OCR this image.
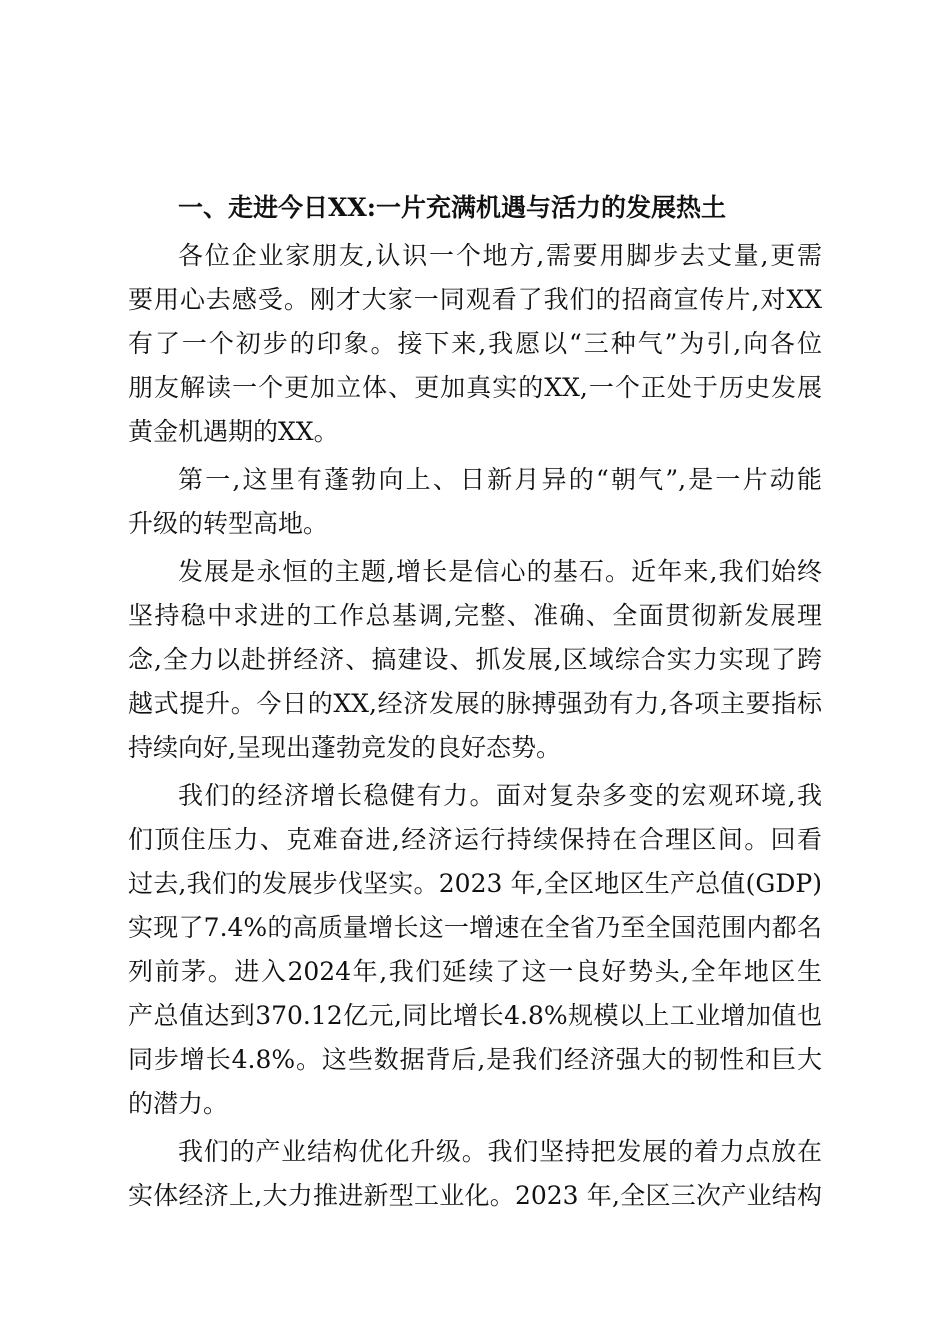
一、走进今日XX:一片充满机遇与活力的发展热土
各位企业家朋友,认识一个地方,需要用脚步去丈量,更需
要用心去感受。刚才大家一同观看了我们的招商宣传片,对XX
有了一个初步的印象。接下来,我愿以“三种气”为引,向各位
朋友解读一个更加立体、更加真实的XX,一个正处于历史发展
黄金机遇期的XX。
第一,这里有蓬勃向上、日新月异的“朝气”,是一片动能
升级的转型高地。
发展是永恒的主题,增长是信心的基石。近年来,我们始终
坚持稳中求进的工作总基调,完整、准确、全面贯彻新发展理
念,全力以赴拼经济、搞建设、抓发展,区域综合实力实现了跨
越式提升。今日的XX,经济发展的脉搏强劲有力,各项主要指标
持续向好,呈现出蓬勃竞发的良好态势。
我们的经济增长稳健有力。面对复杂多变的宏观环境,我
们顶住压力、克难奋进,经济运行持续保持在合理区间。回看
过去,我们的发展步伐坚实。2023 年,全区地区生产总值(GDP)
实现了7.4%的高质量增长这一增速在全省乃至全国范围内都名
列前茅。进入2024年,我们延续了这一良好势头,全年地区生
产总值达到370.12亿元,同比增长4.8%规模以上工业增加值也
同步增长4.8%。这些数据背后,是我们经济强大的韧性和巨大
的潜力。
我们的产业结构优化升级。我们坚持把发展的着力点放在
实体经济上,大力推进新型工业化。2023 年,全区三次产业结构
